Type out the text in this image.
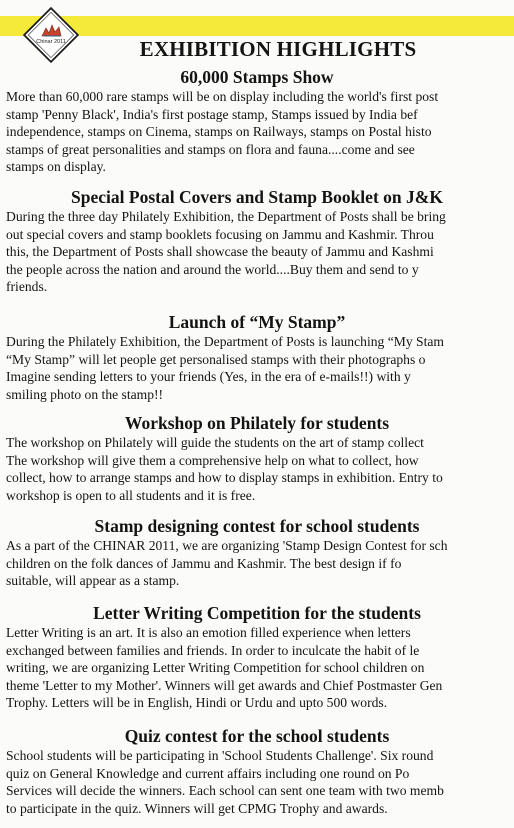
Chinar 2011	EXHIBITION HIGHLIGHTS
60,000 Stamps Show

More than 60,000 rare stamps will be on display including the world's first post

stamp 'Penny Black', India's first postage stamp, Stamps issued by India bef

independence, stamps on Cinema, stamps on Railways, stamps on Postal histo

stamps of great personalities and stamps on flora and fauna....come and see

stamps on display.

Special Postal Covers and Stamp Booklet on J&K

During the three day Philately Exhibition, the Department of Posts shall be bring

out special covers and stamp booklets focusing on Jammu and Kashmir. Throu

this, the Department of Posts shall showcase the beauty of Jammu and Kashmi

the people across the nation and around the world....Buy them and send to y

friends.

Launch of “My Stamp”

During the Philately Exhibition, the Department of Posts is launching “My Stam

“My Stamp” will let people get personalised stamps with their photographs o

Imagine sending letters to your friends (Yes, in the era of e-mails!!) with y

smiling photo on the stamp!!

Workshop on Philately for students

The workshop on Philately will guide the students on the art of stamp collect

The workshop will give them a comprehensive help on what to collect, how

collect, how to arrange stamps and how to display stamps in exhibition. Entry to

workshop is open to all students and it is free.

Stamp designing contest for school students

As a part of the CHINAR 2011, we are organizing 'Stamp Design Contest for sch

children on the folk dances of Jammu and Kashmir. The best design if fo

suitable, will appear as a stamp.

Letter Writing Competition for the students

Letter Writing is an art. It is also an emotion filled experience when letters

exchanged between families and friends. In order to inculcate the habit of le

writing, we are organizing Letter Writing Competition for school children on

theme 'Letter to my Mother'. Winners will get awards and Chief Postmaster Gen

Trophy. Letters will be in English, Hindi or Urdu and upto 500 words.

Quiz contest for the school students

School students will be participating in 'School Students Challenge'. Six round

quiz on General Knowledge and current affairs including one round on Po

Services will decide the winners. Each school can sent one team with two memb

to participate in the quiz. Winners will get CPMG Trophy and awards.
